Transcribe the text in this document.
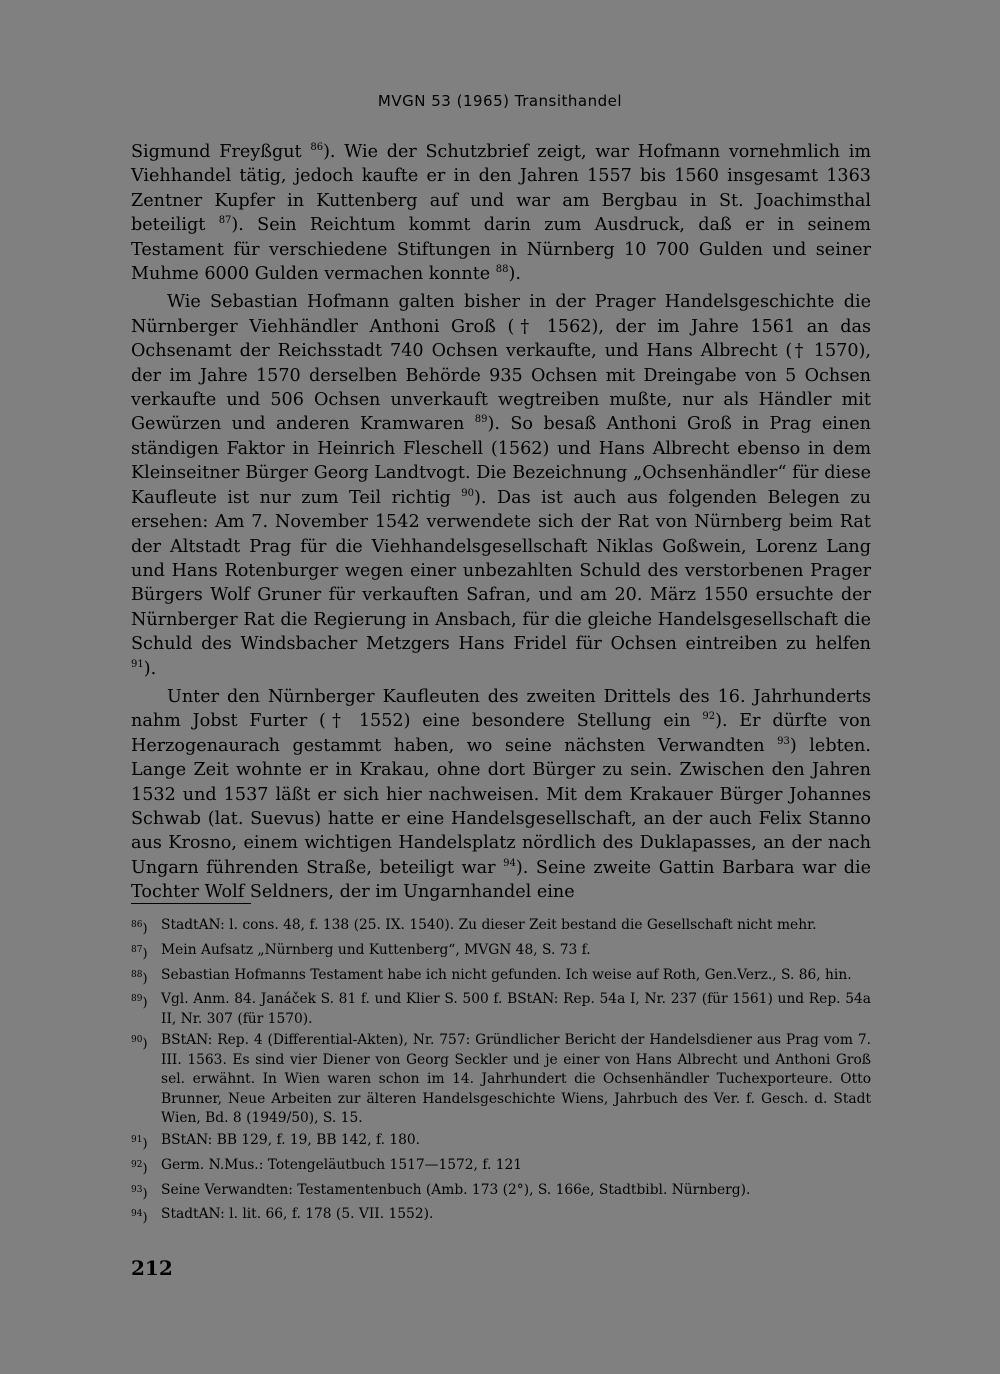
MVGN 53 (1965) Transithandel

Sigmund Freyßgut $^{86}$). Wie der Schutzbrief zeigt, war Hofmann vornehmlich im Viehhandel tätig, jedoch kaufte er in den Jahren 1557 bis 1560 insgesamt 1363 Zentner Kupfer in Kuttenberg auf und war am Bergbau in St. Joachimsthal beteiligt $^{87}$). Sein Reichtum kommt darin zum Ausdruck, daß er in seinem Testament für verschiedene Stiftungen in Nürnberg 10 700 Gulden und seiner Muhme 6000 Gulden vermachen konnte $^{88}$).

Wie Sebastian Hofmann galten bisher in der Prager Handelsgeschichte die Nürnberger Viehhändler Anthoni Groß († 1562), der im Jahre 1561 an das Ochsenamt der Reichsstadt 740 Ochsen verkaufte, und Hans Albrecht († 1570), der im Jahre 1570 derselben Behörde 935 Ochsen mit Dreingabe von 5 Ochsen verkaufte und 506 Ochsen unverkauft wegtreiben mußte, nur als Händler mit Gewürzen und anderen Kramwaren $^{89}$). So besaß Anthoni Groß in Prag einen ständigen Faktor in Heinrich Fleschell (1562) und Hans Albrecht ebenso in dem Kleinseitner Bürger Georg Landtvogt. Die Bezeichnung „Ochsenhändler“ für diese Kaufleute ist nur zum Teil richtig $^{90}$). Das ist auch aus folgenden Belegen zu ersehen: Am 7. November 1542 verwendete sich der Rat von Nürnberg beim Rat der Altstadt Prag für die Viehhandelsgesellschaft Niklas Goßwein, Lorenz Lang und Hans Rotenburger wegen einer unbezahlten Schuld des verstorbenen Prager Bürgers Wolf Gruner für verkauften Safran, und am 20. März 1550 ersuchte der Nürnberger Rat die Regierung in Ansbach, für die gleiche Handelsgesellschaft die Schuld des Windsbacher Metzgers Hans Fridel für Ochsen eintreiben zu helfen $^{91}$).

Unter den Nürnberger Kaufleuten des zweiten Drittels des 16. Jahrhunderts nahm Jobst Furter († 1552) eine besondere Stellung ein $^{92}$). Er dürfte von Herzogenaurach gestammt haben, wo seine nächsten Verwandten $^{93}$) lebten. Lange Zeit wohnte er in Krakau, ohne dort Bürger zu sein. Zwischen den Jahren 1532 und 1537 läßt er sich hier nachweisen. Mit dem Krakauer Bürger Johannes Schwab (lat. Suevus) hatte er eine Handelsgesellschaft, an der auch Felix Stanno aus Krosno, einem wichtigen Handelsplatz nördlich des Duklapasses, an der nach Ungarn führenden Straße, beteiligt war $^{94}$). Seine zweite Gattin Barbara war die Tochter Wolf Seldners, der im Ungarnhandel eine

$^{86}$) StadtAN: l. cons. 48, f. 138 (25. IX. 1540). Zu dieser Zeit bestand die Gesellschaft nicht mehr.
$^{87}$) Mein Aufsatz „Nürnberg und Kuttenberg“, MVGN 48, S. 73 f.
$^{88}$) Sebastian Hofmanns Testament habe ich nicht gefunden. Ich weise auf Roth, Gen.Verz., S. 86, hin.
$^{89}$) Vgl. Anm. 84. Janáček S. 81 f. und Klier S. 500 f. BStAN: Rep. 54a I, Nr. 237 (für 1561) und Rep. 54a II, Nr. 307 (für 1570).
$^{90}$) BStAN: Rep. 4 (Differential-Akten), Nr. 757: Gründlicher Bericht der Handelsdiener aus Prag vom 7. III. 1563. Es sind vier Diener von Georg Seckler und je einer von Hans Albrecht und Anthoni Groß sel. erwähnt. In Wien waren schon im 14. Jahrhundert die Ochsenhändler Tuchexporteure. Otto Brunner, Neue Arbeiten zur älteren Handelsgeschichte Wiens, Jahrbuch des Ver. f. Gesch. d. Stadt Wien, Bd. 8 (1949/50), S. 15.
$^{91}$) BStAN: BB 129, f. 19, BB 142, f. 180.
$^{92}$) Germ. N.Mus.: Totengeläutbuch 1517—1572, f. 121
$^{93}$) Seine Verwandten: Testamentenbuch (Amb. 173 (2°), S. 166e, Stadtbibl. Nürnberg).
$^{94}$) StadtAN: l. lit. 66, f. 178 (5. VII. 1552).
212
